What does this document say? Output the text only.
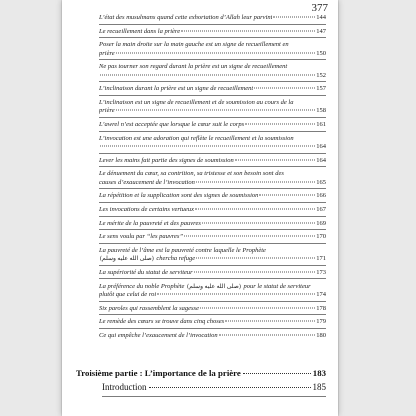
377
L’état des musulmans quand cette exhortation d’Allah leur parvint	144
Le recueillement dans la prière	147
Poser la main droite sur la main gauche est un signe de recueillement en
prière	150
Ne pas tourner son regard durant la prière est un signe de recueillement
152
L’inclinaison durant la prière est un signe de recueillement	157
L’inclinaison est un signe de recueillement et de soumission au cours de la
prière	158
L’awrel n’est acceptée que lorsque le cœur suit le corps	161
L’invocation est une adoration qui reflète le recueillement et la soumission
164
Lever les mains fait partie des signes de soumission	164
Le dénuement du cœur, sa contrition, sa tristesse et son besoin sont des
causes d’exaucement de l’invocation	165
La répétition et la supplication sont des signes de soumission	166
Les invocations de certains vertueux	167
Le mérite de la pauvreté et des pauvres	169
Le sens voulu par “les pauvres”	170
La pauvreté de l’âme est la pauvreté contre laquelle le Prophète
(صلى الله عليه وسلم) chercha refuge	171
La supériorité du statut de serviteur	173
La préférence du noble Prophète (صلى الله عليه وسلم) pour le statut de serviteur
plutôt que celui de roi	174
Six paroles qui rassemblent la sagesse	178
Le remède des cœurs se trouve dans cinq choses	179
Ce qui empêche l’exaucement de l’invocation	180
Troisième partie : L’importance de la prière	183
Introduction	185
